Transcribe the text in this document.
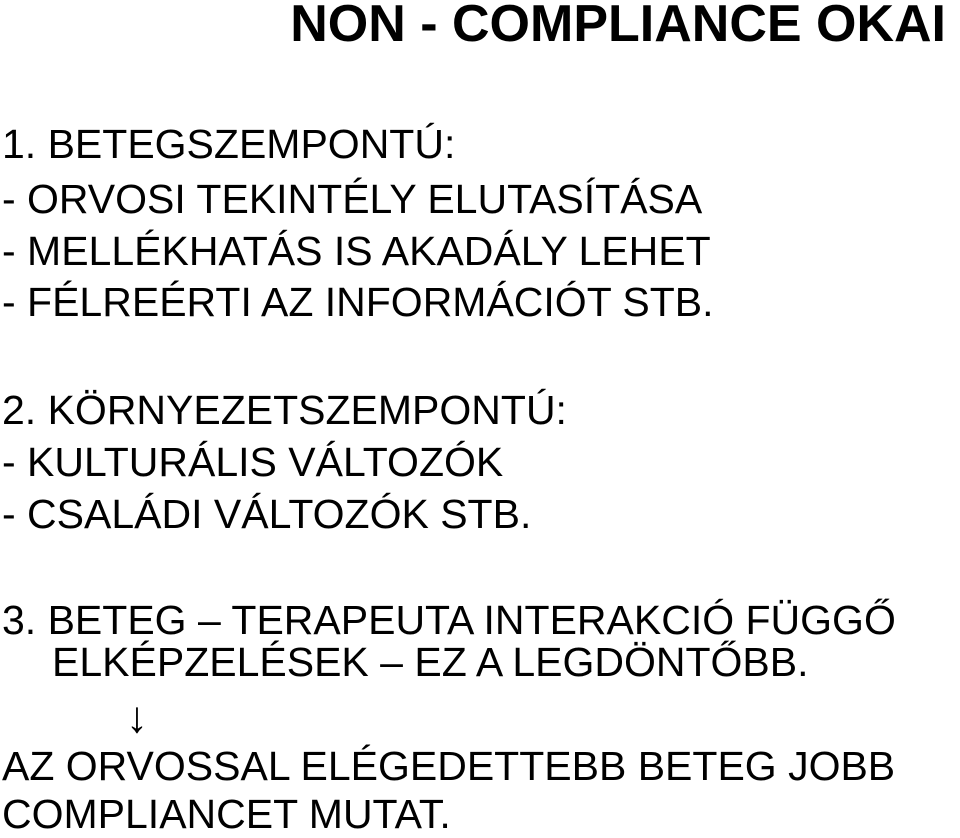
NON - COMPLIANCE OKAI

1. BETEGSZEMPONTÚ:

- ORVOSI TEKINTÉLY ELUTASÍTÁSA

- MELLÉKHATÁS IS AKADÁLY LEHET

- FÉLREÉRTI AZ INFORMÁCIÓT STB.

2. KÖRNYEZETSZEMPONTÚ:

- KULTURÁLIS VÁLTOZÓK

- CSALÁDI VÁLTOZÓK STB.

3. BETEG – TERAPEUTA INTERAKCIÓ FÜGGŐ

ELKÉPZELÉSEK – EZ A LEGDÖNTŐBB.

↓

AZ ORVOSSAL ELÉGEDETTEBB BETEG JOBB

COMPLIANCET MUTAT.
